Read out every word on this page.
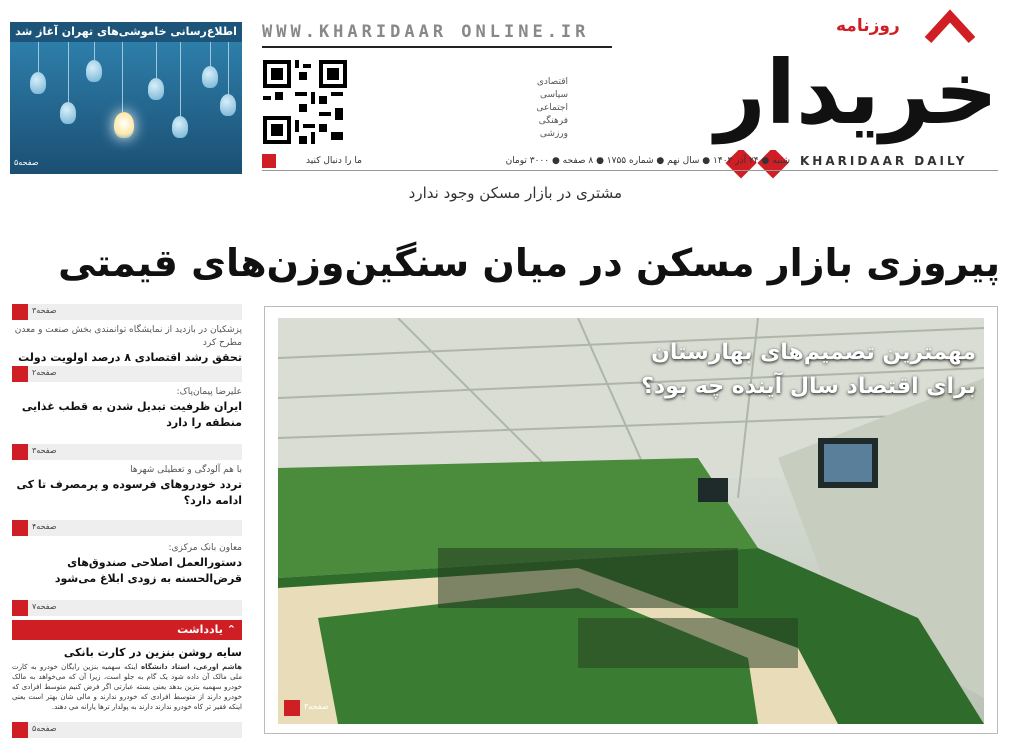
اطلاع‌رسانی خاموشی‌های تهران آغاز شد
صفحه۵
WWW.KHARIDAAR ONLINE.IR
اقتصادی
سیاسی
اجتماعی
فرهنگی
ورزشی
روزنامه
خریدار
KHARIDAAR DAILY
شنبه ● ۲۴ آذر ۱۴۰۳ ● سال نهم ● شماره ۱۷۵۵ ● ۸ صفحه ● ۳۰۰۰ تومان
ما را دنبال کنید
مشتری در بازار مسکن وجود ندارد
پیروزی بازار مسکن در میان سنگین‌وزن‌های قیمتی
مهمترین تصمیم‌های بهارستان
برای اقتصاد سال آینده چه بود؟
صفحه۳
صفحه۳
پزشکیان در بازدید از نمایشگاه توانمندی بخش صنعت و معدن مطرح کرد
تحقق رشد اقتصادی ۸ درصد اولویت دولت
صفحه۲
علیرضا پیمان‌پاک:
ایران ظرفیت تبدیل شدن به قطب غذایی منطقه را دارد
صفحه۳
با هم آلودگی و تعطیلی شهرها
تردد خودروهای فرسوده و پرمصرف تا کی ادامه دارد؟
صفحه۴
معاون بانک مرکزی:
دستورالعمل اصلاحی صندوق‌های قرض‌الحسنه به زودی ابلاغ می‌شود
صفحه۷
⌃ یادداشت
سایه روشن بنزین در کارت بانکی
هاشم اورعی، استاد دانشگاه اینکه سهمیه بنزین رایگان خودرو به کارت ملی مالک آن داده شود یک گام به جلو است، زیرا آن که می‌خواهد به مالک خودرو سهمیه بنزین بدهد یعنی بسته عبارتی اگر فرض کنیم متوسط افرادی که خودرو دارند از متوسط افرادی که خودرو ندارند و مالی شان بهتر است یعنی اینکه فقیر تر کاه خودرو ندارند دارند به پولدار ترها یارانه می دهند.
صفحه۵
